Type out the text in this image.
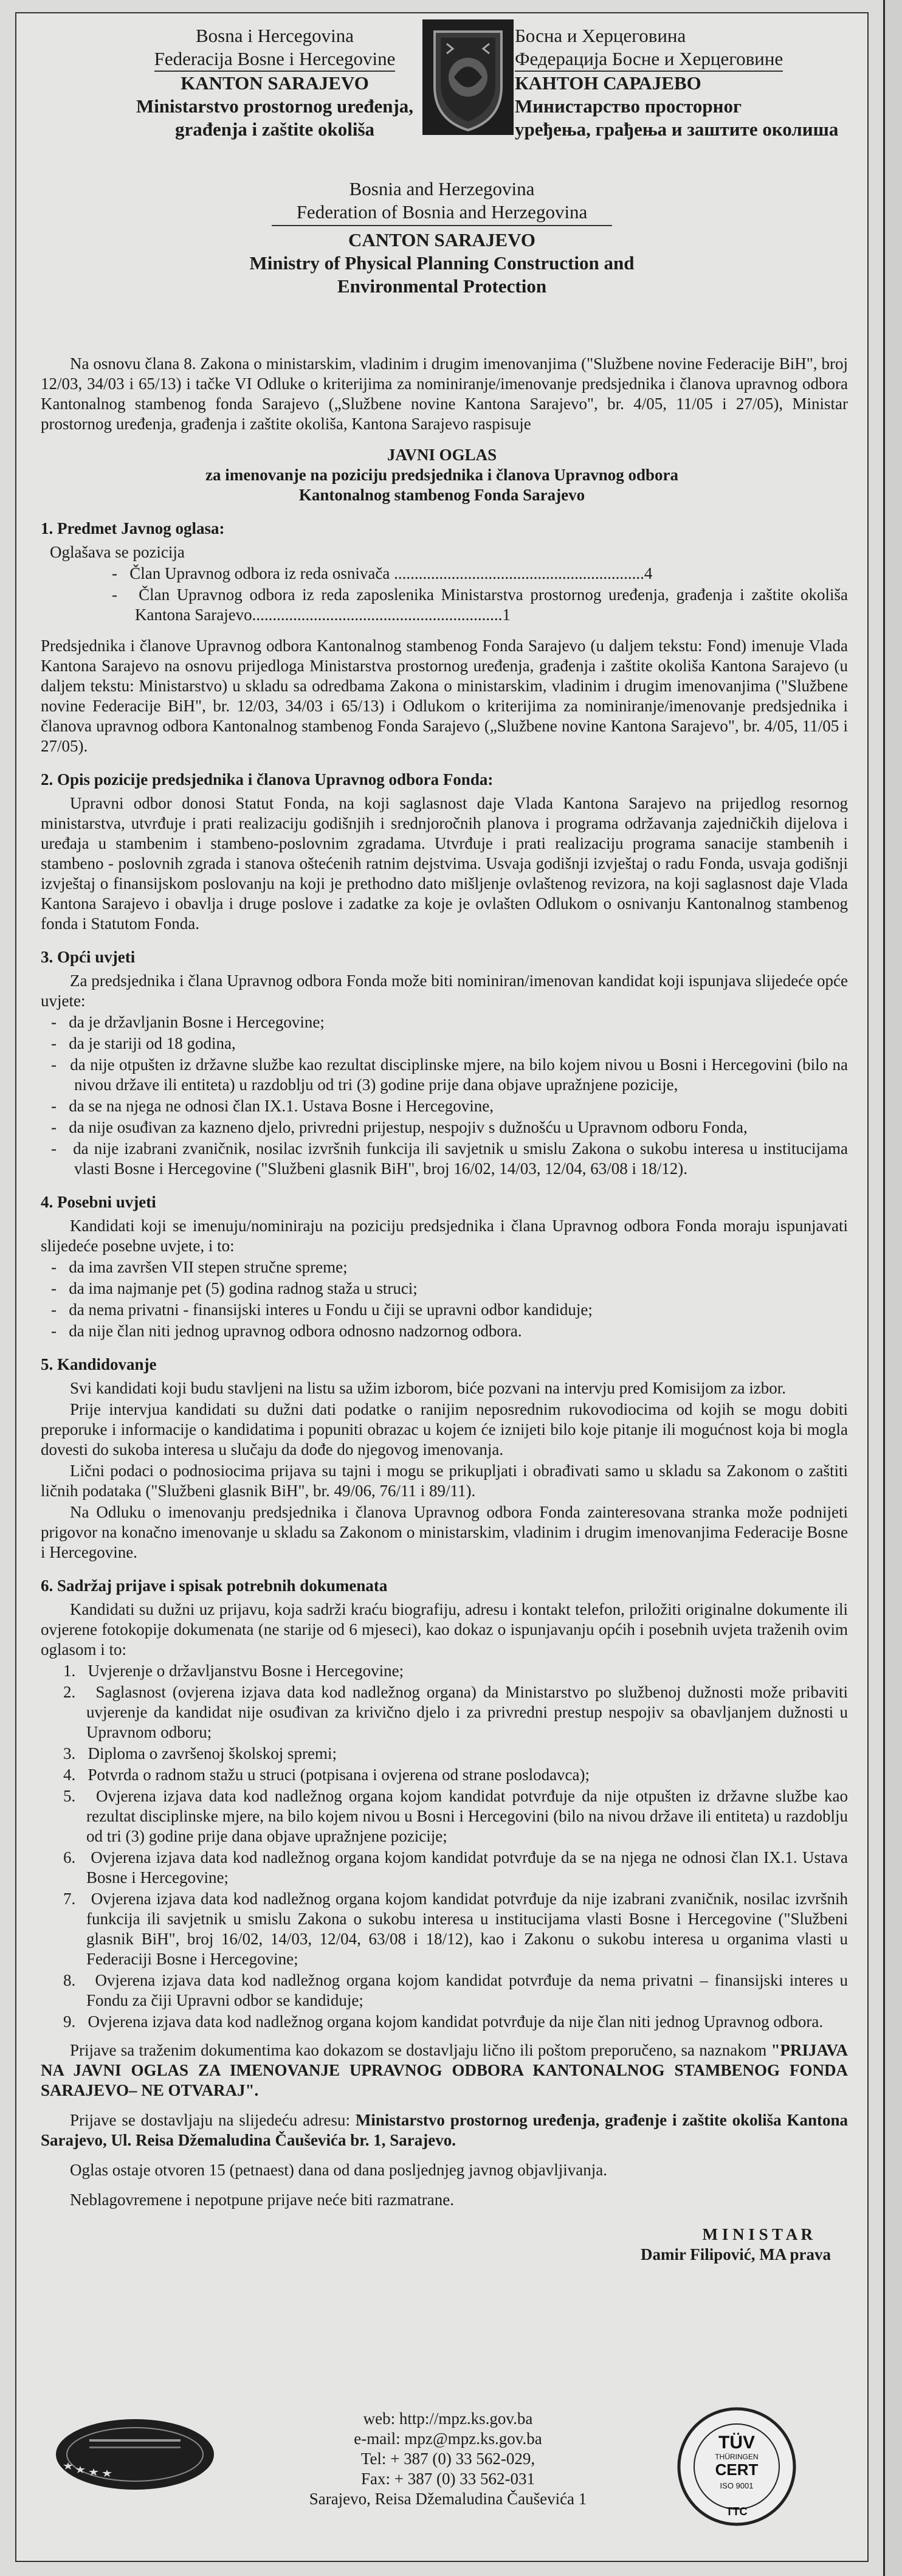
Bosna i Hercegovina
Federacija Bosne i Hercegovine
KANTON SARAJEVO
Ministarstvo prostornog uređenja,
građenja i zaštite okoliša
Босна и Херцеговина
Федерација Босне и Херцеговине
КАНТОН САРАЈЕВО
Министарство просторног
уређења, грађења и заштите околиша
Bosnia and Herzegovina
Federation of Bosnia and Herzegovina
CANTON SARAJEVO
Ministry of Physical Planning Construction and
Environmental Protection

Na osnovu člana 8. Zakona o ministarskim, vladinim i drugim imenovanjima ("Službene novine Federacije BiH", broj 12/03, 34/03 i 65/13) i tačke VI Odluke o kriterijima za nominiranje/imenovanje predsjednika i članova upravnog odbora Kantonalnog stambenog fonda Sarajevo („Službene novine Kantona Sarajevo", br. 4/05, 11/05 i 27/05), Ministar prostornog uređenja, građenja i zaštite okoliša, Kantona Sarajevo raspisuje

JAVNI OGLAS
za imenovanje na poziciju predsjednika i članova Upravnog odbora
Kantonalnog stambenog Fonda Sarajevo
1. Predmet Javnog oglasa:

Oglašava se pozicija

-   Član Upravnog odbora iz reda osnivača .............................................................4

-   Član Upravnog odbora iz reda zaposlenika Ministarstva prostornog uređenja, građenja i zaštite okoliša Kantona Sarajevo.............................................................1

Predsjednika i članove Upravnog odbora Kantonalnog stambenog Fonda Sarajevo (u daljem tekstu: Fond) imenuje Vlada Kantona Sarajevo na osnovu prijedloga Ministarstva prostornog uređenja, građenja i zaštite okoliša Kantona Sarajevo (u daljem tekstu: Ministarstvo) u skladu sa odredbama Zakona o ministarskim, vladinim i drugim imenovanjima ("Službene novine Federacije BiH", br. 12/03, 34/03 i 65/13) i Odlukom o kriterijima za nominiranje/imenovanje predsjednika i članova upravnog odbora Kantonalnog stambenog Fonda Sarajevo („Službene novine Kantona Sarajevo", br. 4/05, 11/05 i 27/05).

2. Opis pozicije predsjednika i članova Upravnog odbora Fonda:

Upravni odbor donosi Statut Fonda, na koji saglasnost daje Vlada Kantona Sarajevo na prijedlog resornog ministarstva, utvrđuje i prati realizaciju godišnjih i srednjoročnih planova i programa održavanja zajedničkih dijelova i uređaja u stambenim i stambeno-poslovnim zgradama. Utvrđuje i prati realizaciju programa sanacije stambenih i stambeno - poslovnih zgrada i stanova oštećenih ratnim dejstvima. Usvaja godišnji izvještaj o radu Fonda, usvaja godišnji izvještaj o finansijskom poslovanju na koji je prethodno dato mišljenje ovlaštenog revizora, na koji saglasnost daje Vlada Kantona Sarajevo i obavlja i druge poslove i zadatke za koje je ovlašten Odlukom o osnivanju Kantonalnog stambenog fonda i Statutom Fonda.

3. Opći uvjeti

Za predsjednika i člana Upravnog odbora Fonda može biti nominiran/imenovan kandidat koji ispunjava slijedeće opće uvjete:

-   da je državljanin Bosne i Hercegovine;

-   da je stariji od 18 godina,

-   da nije otpušten iz državne službe kao rezultat disciplinske mjere, na bilo kojem nivou u Bosni i Hercegovini (bilo na nivou države ili entiteta) u razdoblju od tri (3) godine prije dana objave upražnjene pozicije,

-   da se na njega ne odnosi član IX.1. Ustava Bosne i Hercegovine,

-   da nije osuđivan za kazneno djelo, privredni prijestup, nespojiv s dužnošću u Upravnom odboru Fonda,

-   da nije izabrani zvaničnik, nosilac izvršnih funkcija ili savjetnik u smislu Zakona o sukobu interesa u institucijama vlasti Bosne i Hercegovine ("Službeni glasnik BiH", broj 16/02, 14/03, 12/04, 63/08 i 18/12).

4. Posebni uvjeti

Kandidati koji se imenuju/nominiraju na poziciju predsjednika i člana Upravnog odbora Fonda moraju ispunjavati slijedeće posebne uvjete, i to:

-   da ima završen VII stepen stručne spreme;

-   da ima najmanje pet (5) godina radnog staža u struci;

-   da nema privatni - finansijski interes u Fondu u čiji se upravni odbor kandiduje;

-   da nije član niti jednog upravnog odbora odnosno nadzornog odbora.

5. Kandidovanje

Svi kandidati koji budu stavljeni na listu sa užim izborom, biće pozvani na intervju pred Komisijom za izbor.

Prije intervjua kandidati su dužni dati podatke o ranijim neposrednim rukovodiocima od kojih se mogu dobiti preporuke i informacije o kandidatima i popuniti obrazac u kojem će iznijeti bilo koje pitanje ili mogućnost koja bi mogla dovesti do sukoba interesa u slučaju da dođe do njegovog imenovanja.

Lični podaci o podnosiocima prijava su tajni i mogu se prikupljati i obrađivati samo u skladu sa Zakonom o zaštiti ličnih podataka ("Službeni glasnik BiH", br. 49/06, 76/11 i 89/11).

Na Odluku o imenovanju predsjednika i članova Upravnog odbora Fonda zainteresovana stranka može podnijeti prigovor na konačno imenovanje u skladu sa Zakonom o ministarskim, vladinim i drugim imenovanjima Federacije Bosne i Hercegovine.

6. Sadržaj prijave i spisak potrebnih dokumenata

Kandidati su dužni uz prijavu, koja sadrži kraću biografiju, adresu i kontakt telefon, priložiti originalne dokumente ili ovjerene fotokopije dokumenata (ne starije od 6 mjeseci), kao dokaz o ispunjavanju općih i posebnih uvjeta traženih ovim oglasom i to:

1.   Uvjerenje o državljanstvu Bosne i Hercegovine;

2.   Saglasnost (ovjerena izjava data kod nadležnog organa) da Ministarstvo po službenoj dužnosti može pribaviti uvjerenje da kandidat nije osuđivan za krivično djelo i za privredni prestup nespojiv sa obavljanjem dužnosti u Upravnom odboru;

3.   Diploma o završenoj školskoj spremi;

4.   Potvrda o radnom stažu u struci (potpisana i ovjerena od strane poslodavca);

5.   Ovjerena izjava data kod nadležnog organa kojom kandidat potvrđuje da nije otpušten iz državne službe kao rezultat disciplinske mjere, na bilo kojem nivou u Bosni i Hercegovini (bilo na nivou države ili entiteta) u razdoblju od tri (3) godine prije dana objave upražnjene pozicije;

6.   Ovjerena izjava data kod nadležnog organa kojom kandidat potvrđuje da se na njega ne odnosi član IX.1. Ustava Bosne i Hercegovine;

7.   Ovjerena izjava data kod nadležnog organa kojom kandidat potvrđuje da nije izabrani zvaničnik, nosilac izvršnih funkcija ili savjetnik u smislu Zakona o sukobu interesa u institucijama vlasti Bosne i Hercegovine ("Službeni glasnik BiH", broj 16/02, 14/03, 12/04, 63/08 i 18/12), kao i Zakonu o sukobu interesa u organima vlasti u Federaciji Bosne i Hercegovine;

8.   Ovjerena izjava data kod nadležnog organa kojom kandidat potvrđuje da nema privatni – finansijski interes u Fondu za čiji Upravni odbor se kandiduje;

9.   Ovjerena izjava data kod nadležnog organa kojom kandidat potvrđuje da nije član niti jednog Upravnog odbora.

Prijave sa traženim dokumentima kao dokazom se dostavljaju lično ili poštom preporučeno, sa naznakom "PRIJAVA NA JAVNI OGLAS ZA IMENOVANJE UPRAVNOG ODBORA KANTONALNOG STAMBENOG FONDA SARAJEVO– NE OTVARAJ".

Prijave se dostavljaju na slijedeću adresu: Ministarstvo prostornog uređenja, građenje i zaštite okoliša Kantona Sarajevo, Ul. Reisa Džemaludina Čauševića br. 1, Sarajevo.

Oglas ostaje otvoren 15 (petnaest) dana od dana posljednjeg javnog objavljivanja.

Neblagovremene i nepotpune prijave neće biti razmatrane.

M I N I S T A R
Damir Filipović, MA prava
web: http://mpz.ks.gov.ba
e-mail: mpz@mpz.ks.gov.ba
Tel: + 387 (0) 33 562-029,
Fax: + 387 (0) 33 562-031
Sarajevo, Reisa Džemaludina Čauševića 1
TÜV
THÜRINGEN
CERT
ISO 9001
TTC
